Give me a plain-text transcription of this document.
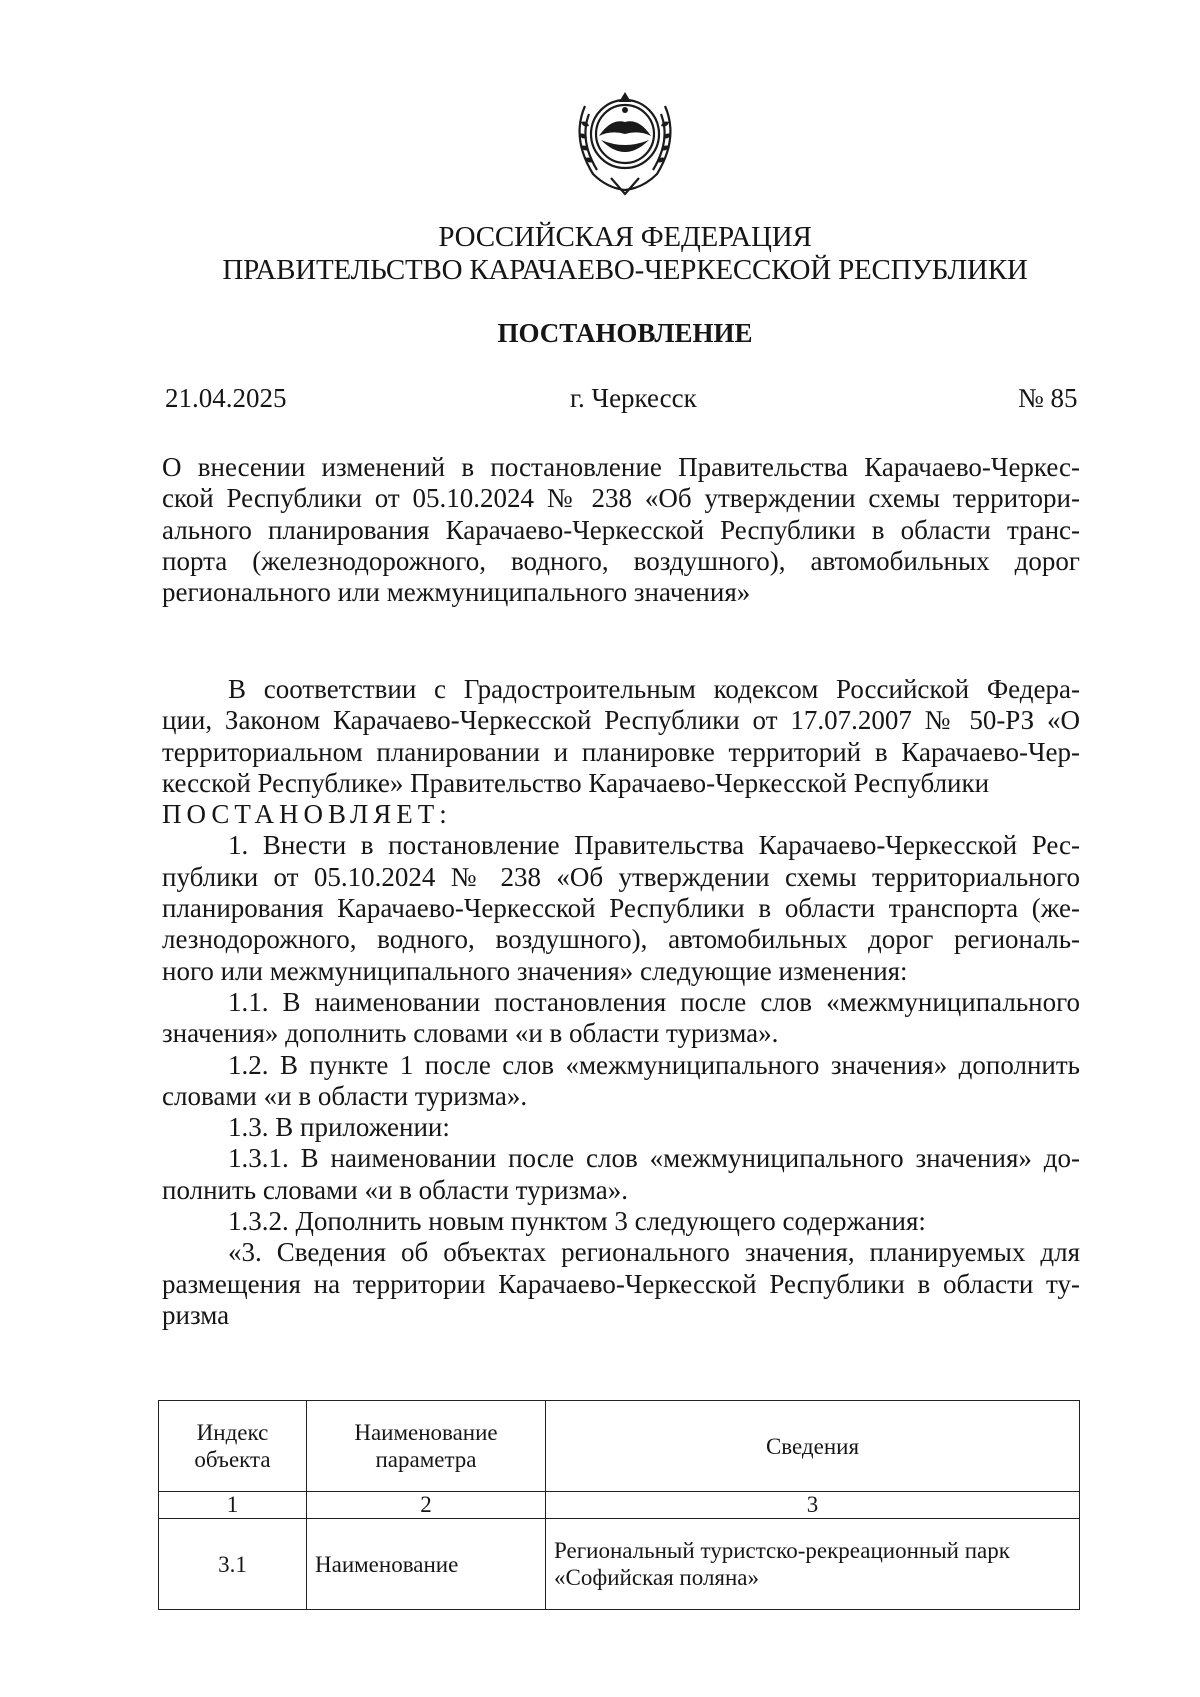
РОССИЙСКАЯ ФЕДЕРАЦИЯ
ПРАВИТЕЛЬСТВО КАРАЧАЕВО-ЧЕРКЕССКОЙ РЕСПУБЛИКИ
ПОСТАНОВЛЕНИЕ
21.04.2025	г. Черкесск	№ 85
О внесении изменений в постановление Правительства Карачаево-Черкес-
ской Республики от 05.10.2024 № 238 «Об утверждении схемы территори-
ального планирования Карачаево-Черкесской Республики в области транс-
порта (железнодорожного, водного, воздушного), автомобильных дорог
регионального или межмуниципального значения»
В соответствии с Градостроительным кодексом Российской Федера-
ции, Законом Карачаево-Черкесской Республики от 17.07.2007 № 50-РЗ «О
территориальном планировании и планировке территорий в Карачаево-Чер-
кесской Республике» Правительство Карачаево-Черкесской Республики
ПОСТАНОВЛЯЕТ:
1. Внести в постановление Правительства Карачаево-Черкесской Рес-
публики от 05.10.2024 № 238 «Об утверждении схемы территориального
планирования Карачаево-Черкесской Республики в области транспорта (же-
лезнодорожного, водного, воздушного), автомобильных дорог региональ-
ного или межмуниципального значения» следующие изменения:
1.1. В наименовании постановления после слов «межмуниципального
значения» дополнить словами «и в области туризма».
1.2. В пункте 1 после слов «межмуниципального значения» дополнить
словами «и в области туризма».
1.3. В приложении:
1.3.1. В наименовании после слов «межмуниципального значения» до-
полнить словами «и в области туризма».
1.3.2. Дополнить новым пунктом 3 следующего содержания:
«3. Сведения об объектах регионального значения, планируемых для
размещения на территории Карачаево-Черкесской Республики в области ту-
ризма
Индекс объекта	Наименование параметра	Сведения
1	2	3
3.1	Наименование	Региональный туристско-рекреационный парк «Софийская поляна»
